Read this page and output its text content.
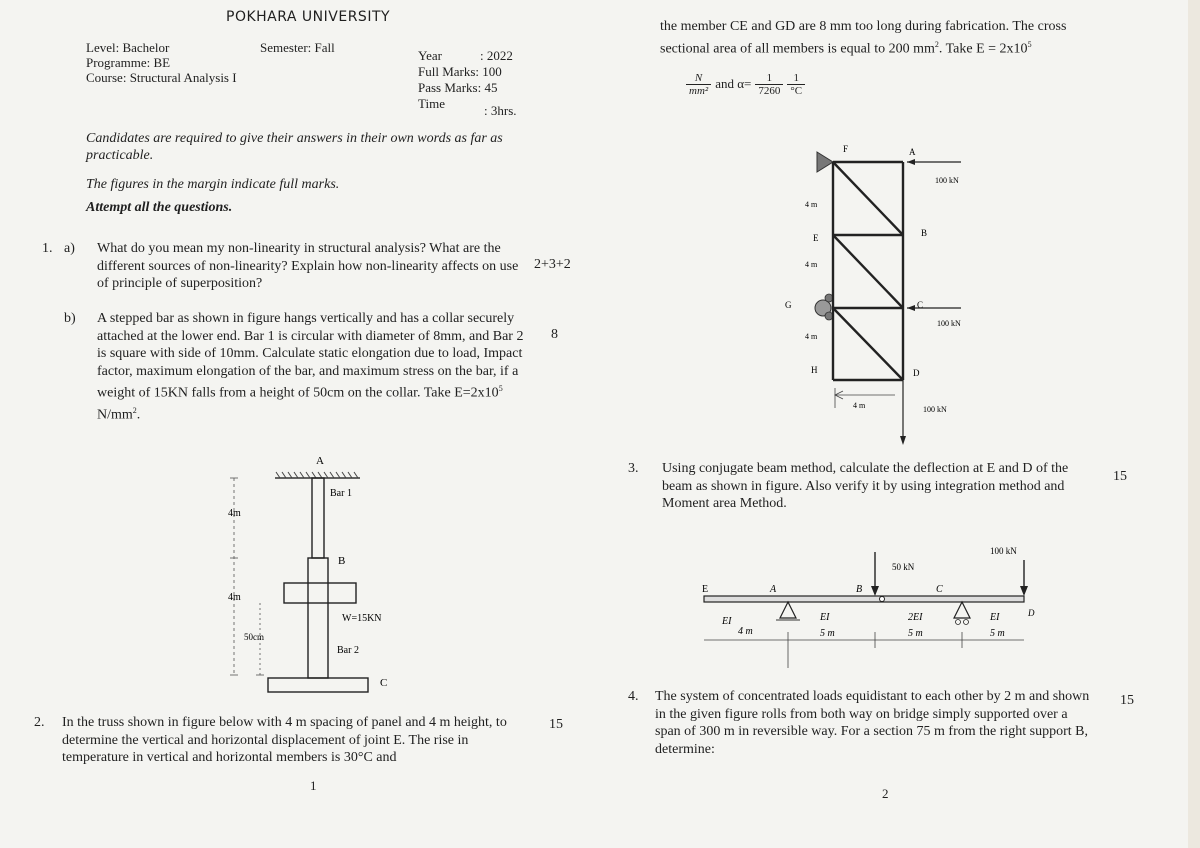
POKHARA UNIVERSITY
Level: Bachelor	Semester: Fall
Programme: BE
Course: Structural Analysis I
Year	: 2022
Full Marks: 100
Pass Marks: 45
Time	: 3hrs.
Candidates are required to give their answers in their own words as far as practicable.
The figures in the margin indicate full marks.
Attempt all the questions.
1. a) What do you mean my non-linearity in structural analysis? What are the different sources of non-linearity? Explain how non-linearity affects on use of principle of superposition?
2+3+2
b) A stepped bar as shown in figure hangs vertically and has a collar securely attached at the lower end. Bar 1 is circular with diameter of 8mm, and Bar 2 is square with side of 10mm. Calculate static elongation due to load, Impact factor, maximum elongation of the bar, and maximum stress on the bar, if a weight of 15KN falls from a height of 50cm on the collar. Take $E=2x10^5$ $N/mm^2$.
8
A
Bar 1
B
W=15KN
Bar 2
C
4m
4m
50cm
2. In the truss shown in figure below with 4 m spacing of panel and 4 m height, to determine the vertical and horizontal displacement of joint E. The rise in temperature in vertical and horizontal members is 30°C and
15
1
the member CE and GD are 8 mm too long during fabrication. The cross sectional area of all members is equal to 200 $mm^2$. Take $E = 2x10^5$
$\frac{N}{\text{mm²}}$ and $\alpha= \frac{1}{7260}$
$\frac{1}{^\circ C}$
F	A
100 kN
4 m
E	B
4 m
G	C
100 kN
4 m
H	D
4 m	100 kN
3. Using conjugate beam method, calculate the deflection at E and D of the beam as shown in figure. Also verify it by using integration method and Moment area Method.
15
E	A	B	C
D
50 kN
100 kN
EI	EI	2EI	EI
4 m	5 m	5 m	5 m
4. The system of concentrated loads equidistant to each other by 2 m and shown in the given figure rolls from both way on bridge simply supported over a span of 300 m in reversible way. For a section 75 m from the right support B, determine:
15
2
